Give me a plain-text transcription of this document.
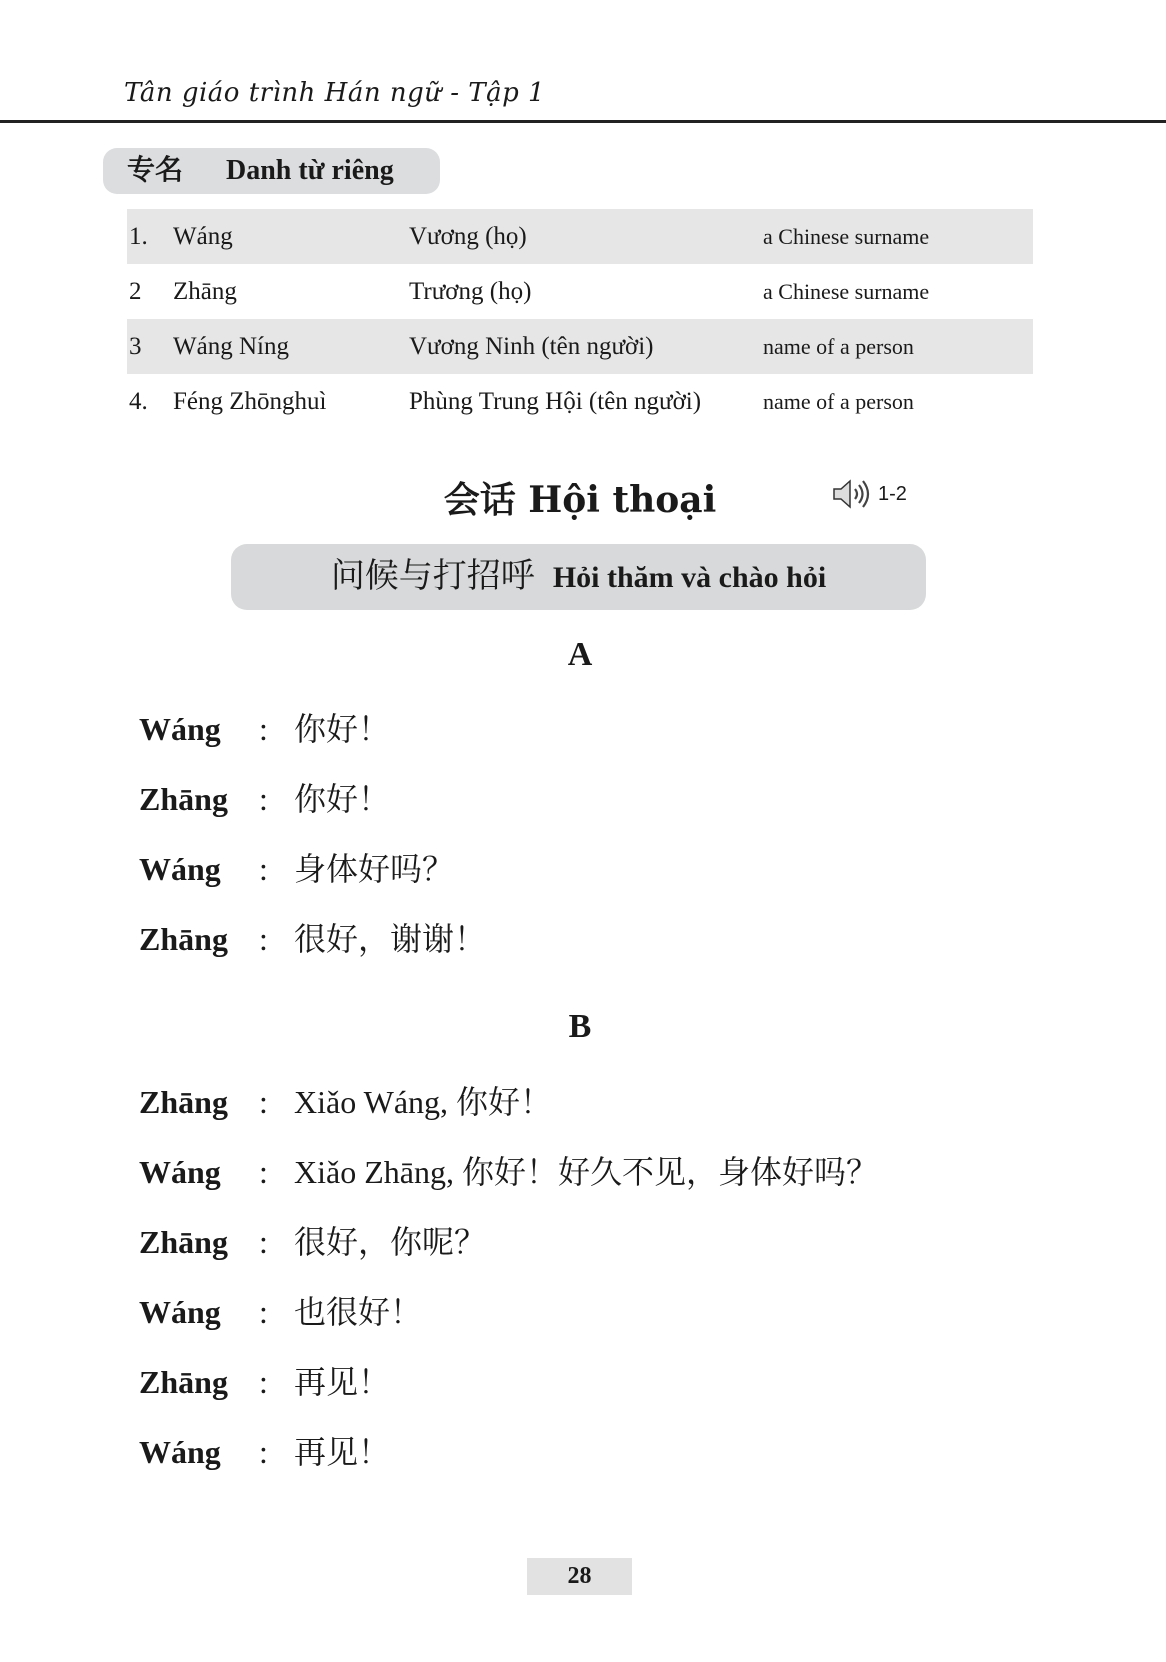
Tân giáo trình Hán ngữ - Tập 1
专名 Danh từ riêng
1. Wáng	Vương (họ)	a Chinese surname
2 Zhāng	Trương (họ)	a Chinese surname
3 Wáng Níng	Vương Ninh (tên người)	name of a person
4. Féng Zhōnghuì	Phùng Trung Hội (tên người)	name of a person
会话 Hội thoại	1-2
问候与打招呼 Hỏi thăm và chào hỏi
A
Wáng : 你好！
Zhāng : 你好！
Wáng : 身体好吗？
Zhāng : 很好，谢谢！
B
Zhāng : Xiǎo Wáng, 你好！
Wáng : Xiǎo Zhāng, 你好！好久不见，身体好吗？
Zhāng : 很好，你呢？
Wáng : 也很好！
Zhāng : 再见！
Wáng : 再见！
28
